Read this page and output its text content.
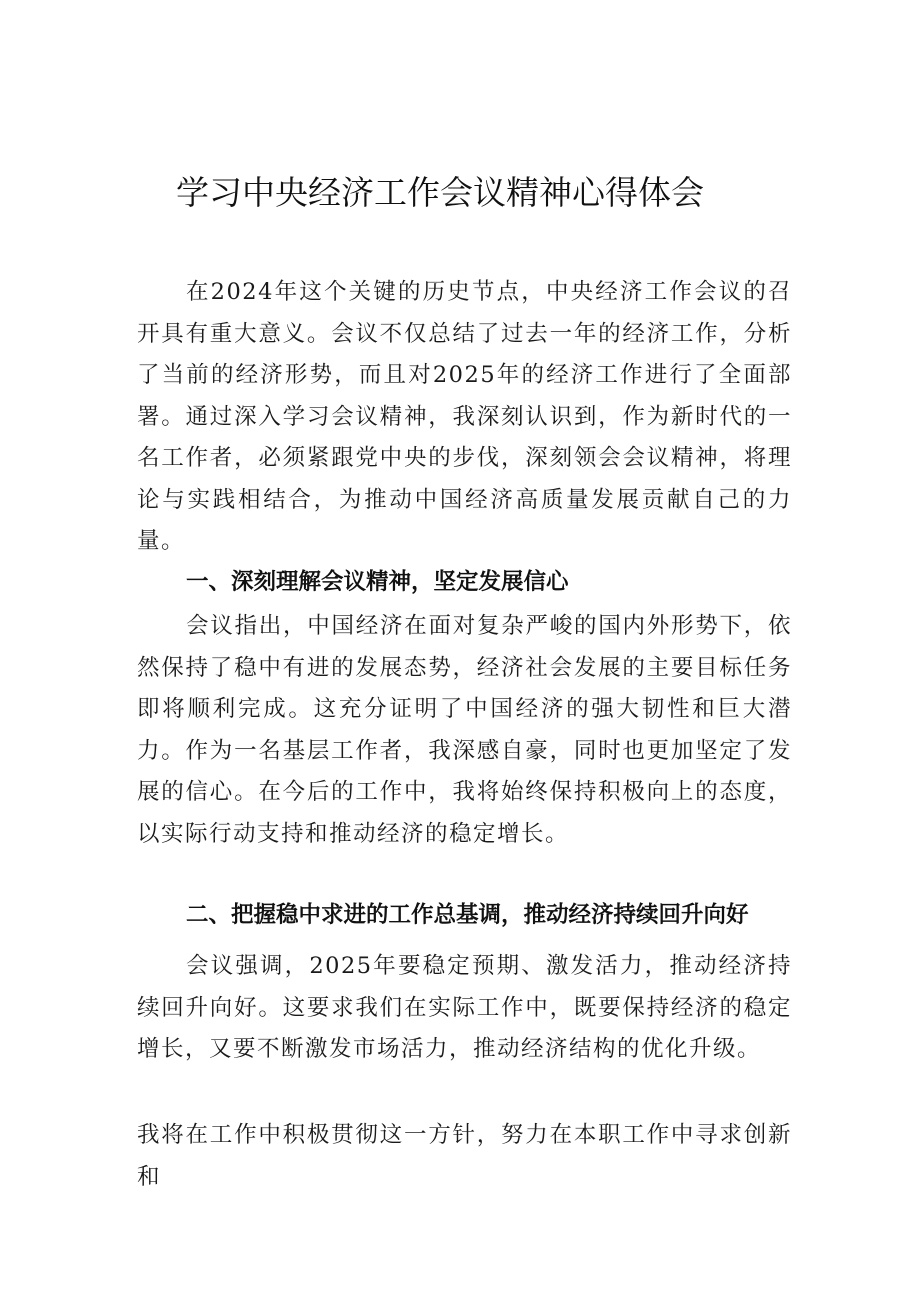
学习中央经济工作会议精神心得体会

在2024年这个关键的历史节点，中央经济工作会议的召开具有重大意义。会议不仅总结了过去一年的经济工作，分析了当前的经济形势，而且对2025年的经济工作进行了全面部署。通过深入学习会议精神，我深刻认识到，作为新时代的一名工作者，必须紧跟党中央的步伐，深刻领会会议精神，将理论与实践相结合，为推动中国经济高质量发展贡献自己的力量。

一、深刻理解会议精神，坚定发展信心

会议指出，中国经济在面对复杂严峻的国内外形势下，依然保持了稳中有进的发展态势，经济社会发展的主要目标任务即将顺利完成。这充分证明了中国经济的强大韧性和巨大潜力。作为一名基层工作者，我深感自豪，同时也更加坚定了发展的信心。在今后的工作中，我将始终保持积极向上的态度，以实际行动支持和推动经济的稳定增长。

二、把握稳中求进的工作总基调，推动经济持续回升向好

会议强调，2025年要稳定预期、激发活力，推动经济持续回升向好。这要求我们在实际工作中，既要保持经济的稳定增长，又要不断激发市场活力，推动经济结构的优化升级。

我将在工作中积极贯彻这一方针，努力在本职工作中寻求创新和
